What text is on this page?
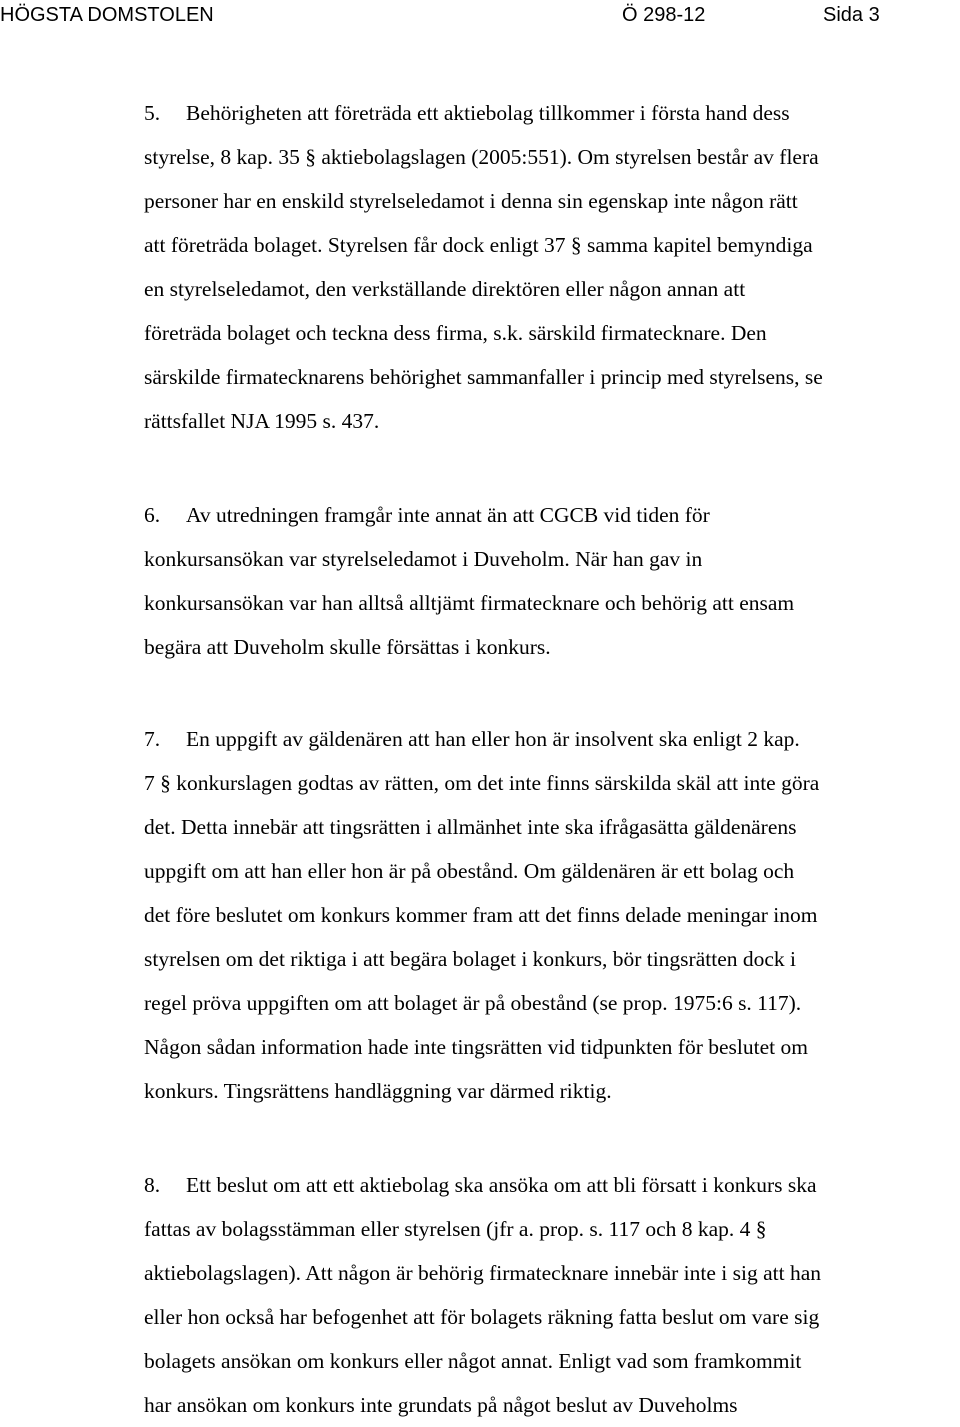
HÖGSTA DOMSTOLEN	Ö 298-12	Sida 3
5. Behörigheten att företräda ett aktiebolag tillkommer i första hand dess
styrelse, 8 kap. 35 § aktiebolagslagen (2005:551). Om styrelsen består av flera
personer har en enskild styrelseledamot i denna sin egenskap inte någon rätt
att företräda bolaget. Styrelsen får dock enligt 37 § samma kapitel bemyndiga
en styrelseledamot, den verkställande direktören eller någon annan att
företräda bolaget och teckna dess firma, s.k. särskild firmatecknare. Den
särskilde firmatecknarens behörighet sammanfaller i princip med styrelsens, se
rättsfallet NJA 1995 s. 437.
6. Av utredningen framgår inte annat än att CGCB vid tiden för
konkursansökan var styrelseledamot i Duveholm. När han gav in
konkursansökan var han alltså alltjämt firmatecknare och behörig att ensam
begära att Duveholm skulle försättas i konkurs.
7. En uppgift av gäldenären att han eller hon är insolvent ska enligt 2 kap.
7 § konkurslagen godtas av rätten, om det inte finns särskilda skäl att inte göra
det. Detta innebär att tingsrätten i allmänhet inte ska ifrågasätta gäldenärens
uppgift om att han eller hon är på obestånd. Om gäldenären är ett bolag och
det före beslutet om konkurs kommer fram att det finns delade meningar inom
styrelsen om det riktiga i att begära bolaget i konkurs, bör tingsrätten dock i
regel pröva uppgiften om att bolaget är på obestånd (se prop. 1975:6 s. 117).
Någon sådan information hade inte tingsrätten vid tidpunkten för beslutet om
konkurs. Tingsrättens handläggning var därmed riktig.
8. Ett beslut om att ett aktiebolag ska ansöka om att bli försatt i konkurs ska
fattas av bolagsstämman eller styrelsen (jfr a. prop. s. 117 och 8 kap. 4 §
aktiebolagslagen). Att någon är behörig firmatecknare innebär inte i sig att han
eller hon också har befogenhet att för bolagets räkning fatta beslut om vare sig
bolagets ansökan om konkurs eller något annat. Enligt vad som framkommit
har ansökan om konkurs inte grundats på något beslut av Duveholms
